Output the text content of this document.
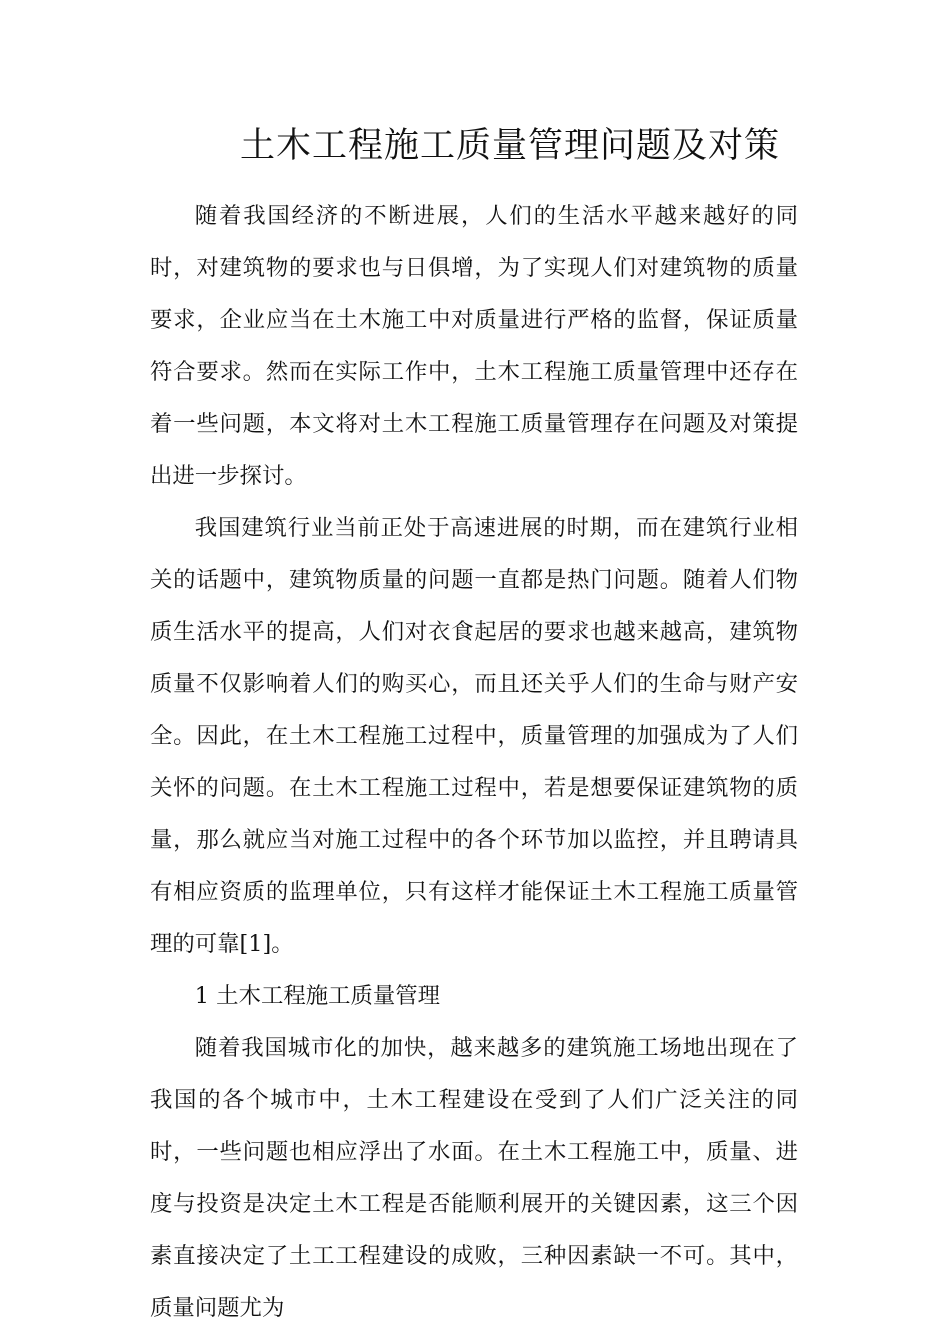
土木工程施工质量管理问题及对策

随着我国经济的不断进展，人们的生活水平越来越好的同时，对建筑物的要求也与日俱增，为了实现人们对建筑物的质量要求，企业应当在土木施工中对质量进行严格的监督，保证质量符合要求。然而在实际工作中，土木工程施工质量管理中还存在着一些问题，本文将对土木工程施工质量管理存在问题及对策提出进一步探讨。

我国建筑行业当前正处于高速进展的时期，而在建筑行业相关的话题中，建筑物质量的问题一直都是热门问题。随着人们物质生活水平的提高，人们对衣食起居的要求也越来越高，建筑物质量不仅影响着人们的购买心，而且还关乎人们的生命与财产安全。因此，在土木工程施工过程中，质量管理的加强成为了人们关怀的问题。在土木工程施工过程中，若是想要保证建筑物的质量，那么就应当对施工过程中的各个环节加以监控，并且聘请具有相应资质的监理单位，只有这样才能保证土木工程施工质量管理的可靠[1]。

1 土木工程施工质量管理

随着我国城市化的加快，越来越多的建筑施工场地出现在了我国的各个城市中，土木工程建设在受到了人们广泛关注的同时，一些问题也相应浮出了水面。在土木工程施工中，质量、进度与投资是决定土木工程是否能顺利展开的关键因素，这三个因素直接决定了土工工程建设的成败，三种因素缺一不可。其中，质量问题尤为
